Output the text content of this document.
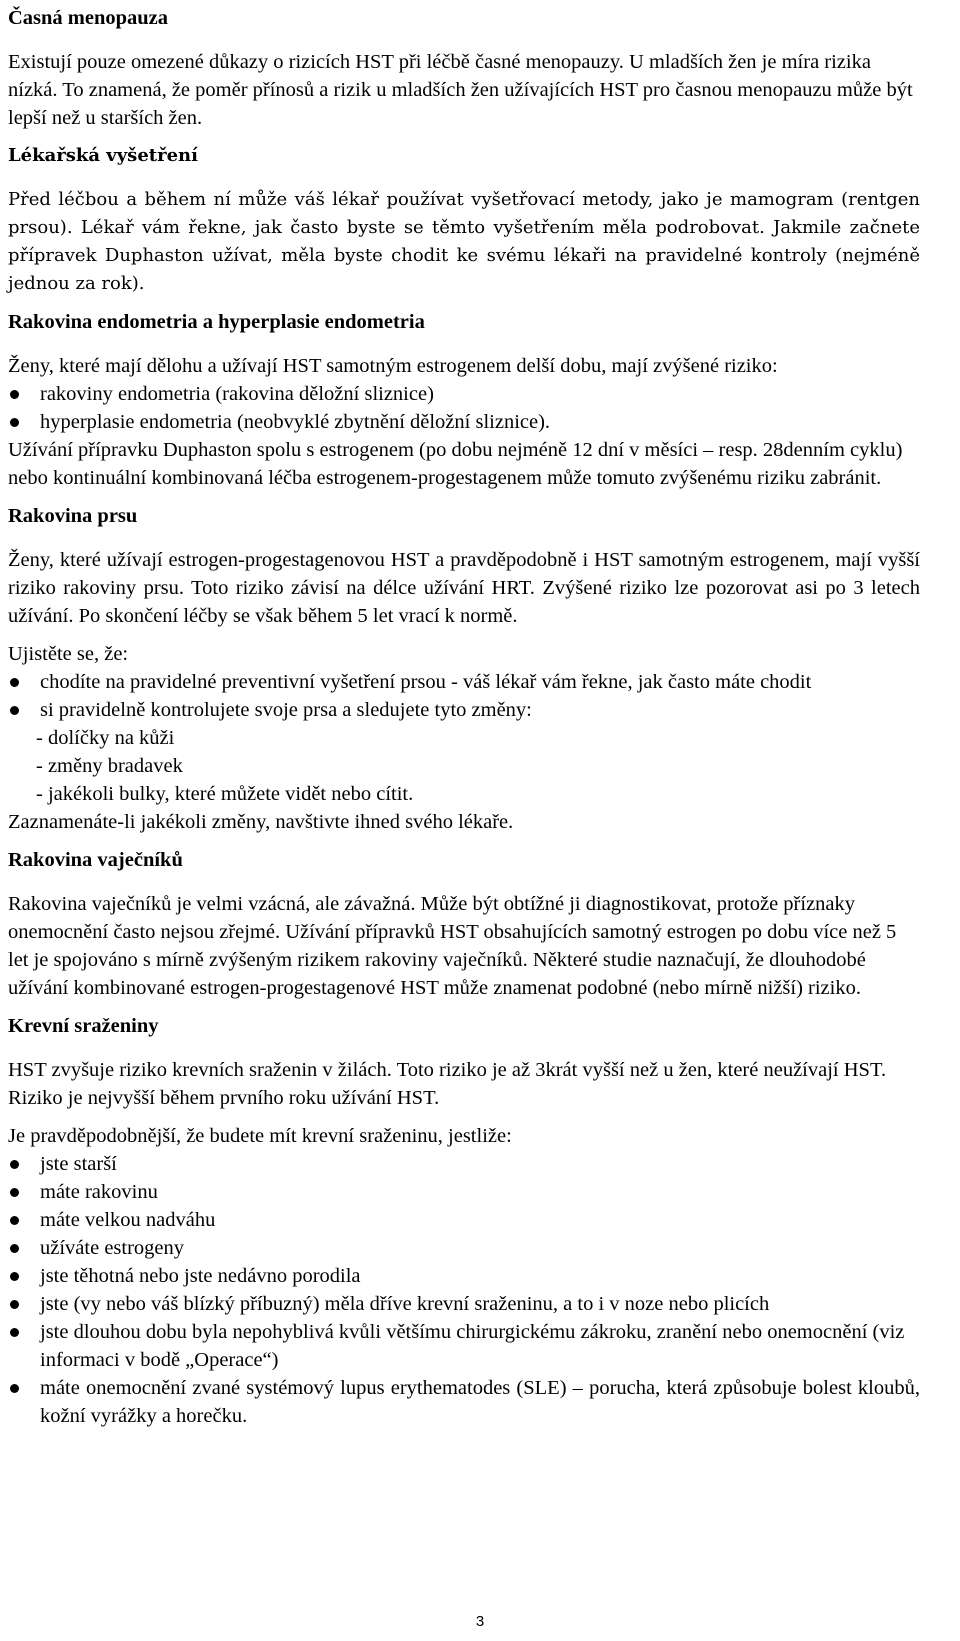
Časná menopauza

Existují pouze omezené důkazy o rizicích HST při léčbě časné menopauzy. U mladších žen je míra rizika nízká. To znamená, že poměr přínosů a rizik u mladších žen užívajících HST pro časnou menopauzu může být lepší než u starších žen.

Lékařská vyšetření

Před léčbou a během ní může váš lékař používat vyšetřovací metody, jako je mamogram (rentgen prsou). Lékař vám řekne, jak často byste se těmto vyšetřením měla podrobovat. Jakmile začnete přípravek Duphaston užívat, měla byste chodit ke svému lékaři na pravidelné kontroly (nejméně jednou za rok).

Rakovina endometria a hyperplasie endometria

Ženy, které mají dělohu a užívají HST samotným estrogenem delší dobu, mají zvýšené riziko:

rakoviny endometria (rakovina děložní sliznice)
hyperplasie endometria (neobvyklé zbytnění děložní sliznice).

Užívání přípravku Duphaston spolu s estrogenem (po dobu nejméně 12 dní v měsíci – resp. 28denním cyklu) nebo kontinuální kombinovaná léčba estrogenem-progestagenem může tomuto zvýšenému riziku zabránit.

Rakovina prsu

Ženy, které užívají estrogen-progestagenovou HST a pravděpodobně i HST samotným estrogenem, mají vyšší riziko rakoviny prsu. Toto riziko závisí na délce užívání HRT. Zvýšené riziko lze pozorovat asi po 3 letech užívání. Po skončení léčby se však během 5 let vrací k normě.

Ujistěte se, že:

chodíte na pravidelné preventivní vyšetření prsou - váš lékař vám řekne, jak často máte chodit
si pravidelně kontrolujete svoje prsa a sledujete tyto změny:
- dolíčky na kůži
- změny bradavek
- jakékoli bulky, které můžete vidět nebo cítit.

Zaznamenáte-li jakékoli změny, navštivte ihned svého lékaře.

Rakovina vaječníků

Rakovina vaječníků je velmi vzácná, ale závažná. Může být obtížné ji diagnostikovat, protože příznaky onemocnění často nejsou zřejmé. Užívání přípravků HST obsahujících samotný estrogen po dobu více než 5 let je spojováno s mírně zvýšeným rizikem rakoviny vaječníků. Některé studie naznačují, že dlouhodobé užívání kombinované estrogen-progestagenové HST může znamenat podobné (nebo mírně nižší) riziko.

Krevní sraženiny

HST zvyšuje riziko krevních sraženin v žilách. Toto riziko je až 3krát vyšší než u žen, které neužívají HST. Riziko je nejvyšší během prvního roku užívání HST.

Je pravděpodobnější, že budete mít krevní sraženinu, jestliže:

jste starší
máte rakovinu
máte velkou nadváhu
užíváte estrogeny
jste těhotná nebo jste nedávno porodila
jste (vy nebo váš blízký příbuzný) měla dříve krevní sraženinu, a to i v noze nebo plicích
jste dlouhou dobu byla nepohyblivá kvůli většímu chirurgickému zákroku, zranění nebo onemocnění (viz informaci v bodě „Operace“)
máte onemocnění zvané systémový lupus erythematodes (SLE) – porucha, která způsobuje bolest kloubů, kožní vyrážky a horečku.
3
